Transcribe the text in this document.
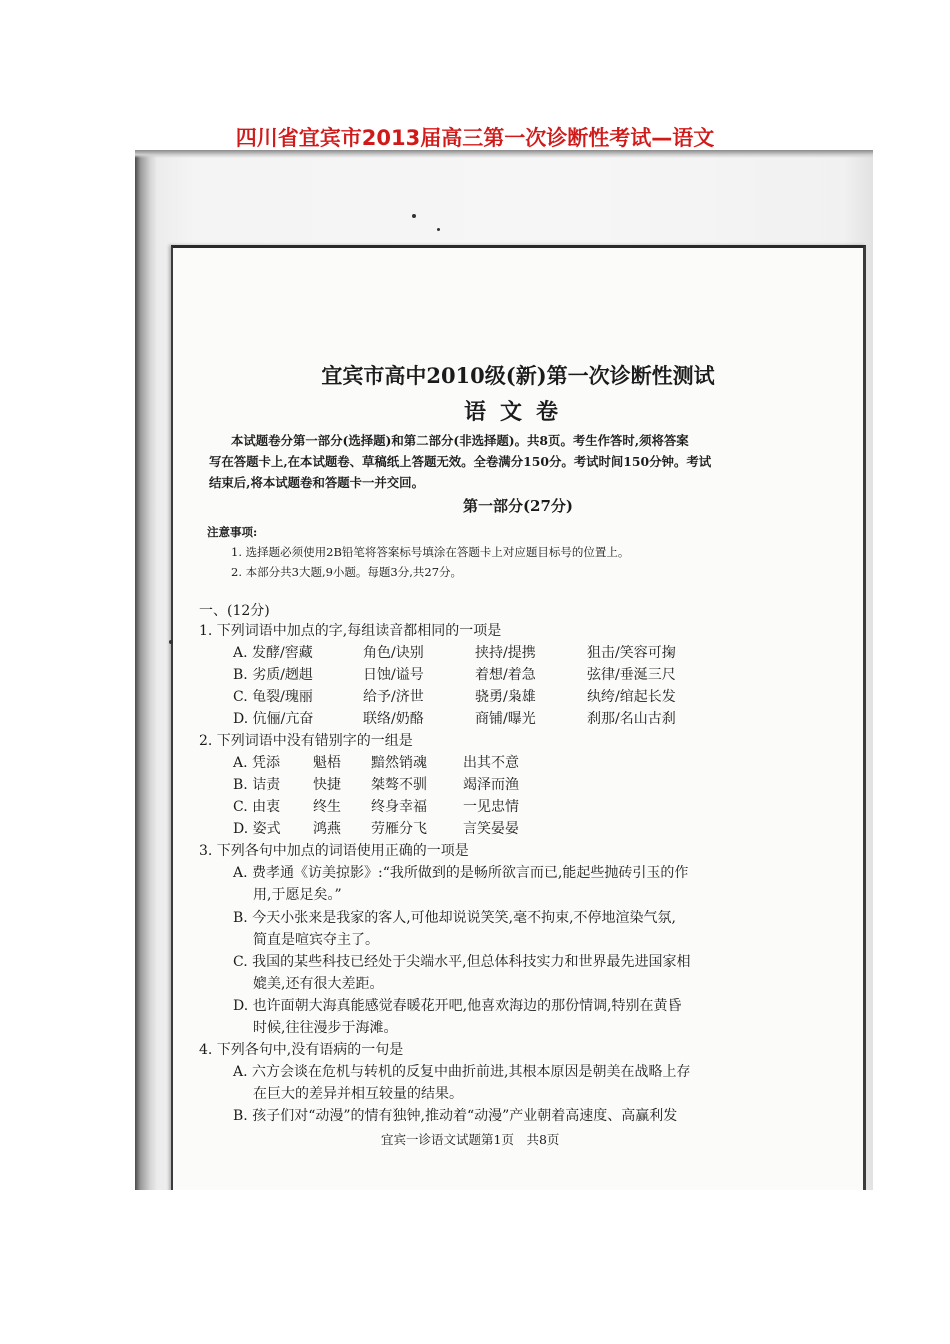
四川省宜宾市2013届高三第一次诊断性考试—语文
宜宾市高中2010级(新)第一次诊断性测试
语文卷
本试题卷分第一部分(选择题)和第二部分(非选择题)。共8页。考生作答时,须将答案
写在答题卡上,在本试题卷、草稿纸上答题无效。全卷满分150分。考试时间150分钟。考试
结束后,将本试题卷和答题卡一并交回。
第一部分(27分)
注意事项:
1. 选择题必须使用2B铅笔将答案标号填涂在答题卡上对应题目标号的位置上。
2. 本部分共3大题,9小题。每题3分,共27分。
一、(12分)
1. 下列词语中加点的字,每组读音都相同的一项是
A. 发酵/窖藏	角色/诀别	挟持/提携	狙击/笑容可掬
B. 劣质/趔趄	日蚀/谥号	着想/着急	弦律/垂涎三尺
C. 龟裂/瑰丽	给予/济世	骁勇/枭雄	纨绔/绾起长发
D. 伉俪/亢奋	联络/奶酪	商铺/曝光	刹那/名山古刹
2. 下列词语中没有错别字的一组是
A. 凭添 魁梧 黯然销魂	出其不意
B. 诘责 快捷 桀骜不驯	竭泽而渔
C. 由衷 终生 终身幸福	一见忠情
D. 姿式 鸿燕 劳雁分飞	言笑晏晏
3. 下列各句中加点的词语使用正确的一项是
A. 费孝通《访美掠影》:“我所做到的是畅所欲言而已,能起些抛砖引玉的作
用,于愿足矣。”
B. 今天小张来是我家的客人,可他却说说笑笑,毫不拘束,不停地渲染气氛,
简直是喧宾夺主了。
C. 我国的某些科技已经处于尖端水平,但总体科技实力和世界最先进国家相
媲美,还有很大差距。
D. 也许面朝大海真能感觉春暖花开吧,他喜欢海边的那份情调,特别在黄昏
时候,往往漫步于海滩。
4. 下列各句中,没有语病的一句是
A. 六方会谈在危机与转机的反复中曲折前进,其根本原因是朝美在战略上存
在巨大的差异并相互较量的结果。
B. 孩子们对“动漫”的情有独钟,推动着“动漫”产业朝着高速度、高赢利发
宜宾一诊语文试题第1页　共8页
